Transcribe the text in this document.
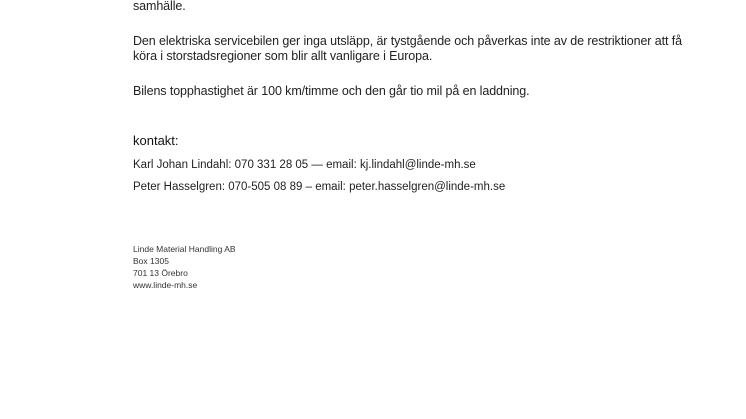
samhälle.

Den elektriska servicebilen ger inga utsläpp, är tystgående och påverkas inte av de restriktioner att få köra i storstadsregioner som blir allt vanligare i Europa.

Bilens topphastighet är 100 km/timme och den går tio mil på en laddning.

kontakt:

Karl Johan Lindahl: 070 331 28 05 — email: kj.lindahl@linde-mh.se

Peter Hasselgren: 070-505 08 89 – email: peter.hasselgren@linde-mh.se

Linde Material Handling AB
Box 1305
701 13 Örebro
www.linde-mh.se
